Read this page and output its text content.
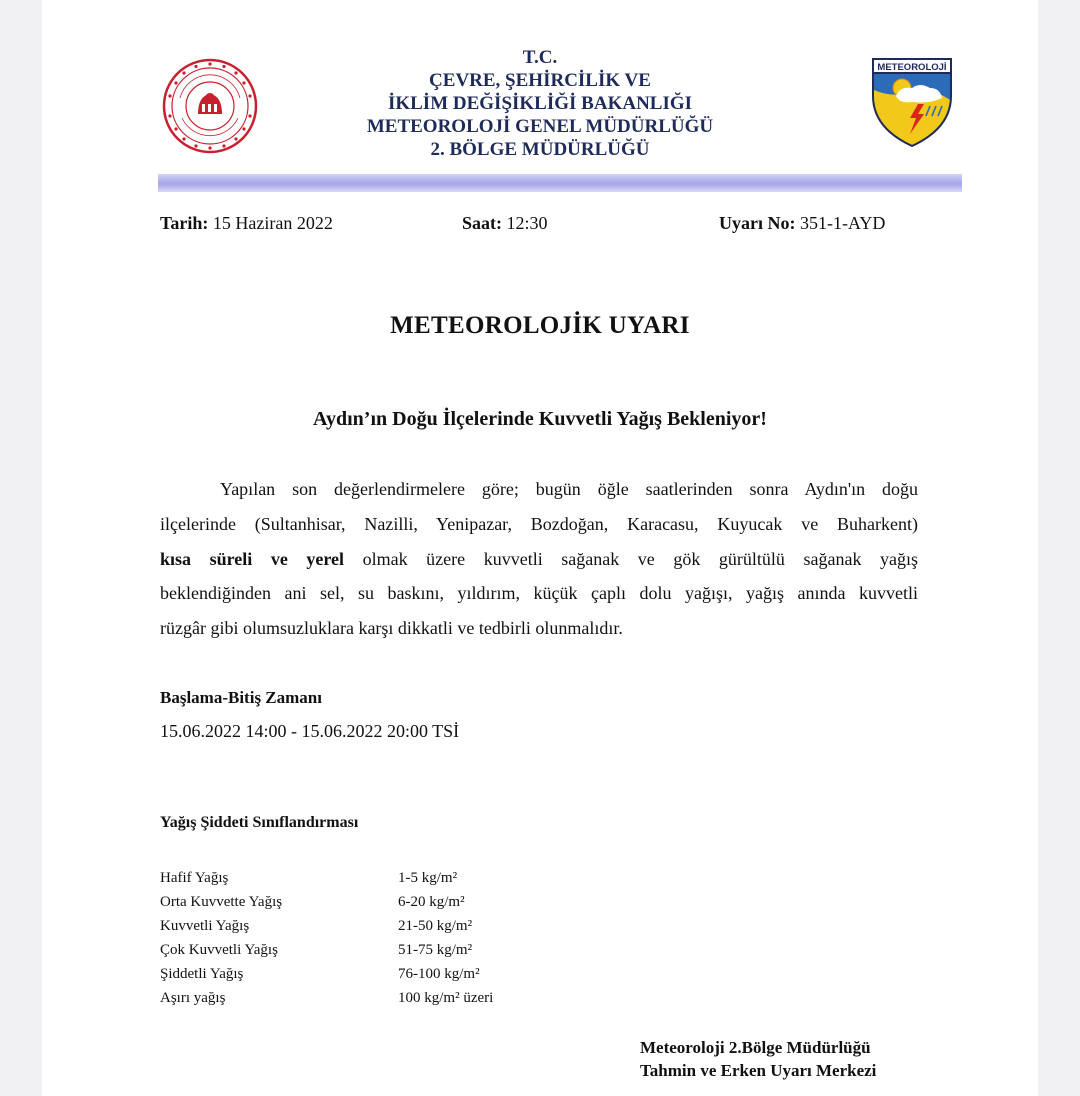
METEOROLOJİ
T.C.
ÇEVRE, ŞEHİRCİLİK VE
İKLİM DEĞİŞİKLİĞİ BAKANLIĞI
METEOROLOJİ GENEL MÜDÜRLÜĞÜ
2. BÖLGE MÜDÜRLÜĞÜ
Tarih: 15 Haziran 2022	Saat: 12:30	Uyarı No: 351-1-AYD
METEOROLOJİK UYARI
Aydın’ın Doğu İlçelerinde Kuvvetli Yağış Bekleniyor!
Yapılan son değerlendirmelere göre; bugün öğle saatlerinden sonra Aydın'ın doğu
ilçelerinde (Sultanhisar, Nazilli, Yenipazar, Bozdoğan, Karacasu, Kuyucak ve Buharkent)
kısa süreli ve yerel olmak üzere kuvvetli sağanak ve gök gürültülü sağanak yağış
beklendiğinden ani sel, su baskını, yıldırım, küçük çaplı dolu yağışı, yağış anında kuvvetli
rüzgâr gibi olumsuzluklara karşı dikkatli ve tedbirli olunmalıdır.
Başlama-Bitiş Zamanı
15.06.2022 14:00 - 15.06.2022 20:00 TSİ
Yağış Şiddeti Sınıflandırması
Hafif Yağış	1-5 kg/m²
Orta Kuvvette Yağış	6-20 kg/m²
Kuvvetli Yağış	21-50 kg/m²
Çok Kuvvetli Yağış	51-75 kg/m²
Şiddetli Yağış	76-100 kg/m²
Aşırı yağış	100 kg/m² üzeri
Meteoroloji 2.Bölge Müdürlüğü
Tahmin ve Erken Uyarı Merkezi
